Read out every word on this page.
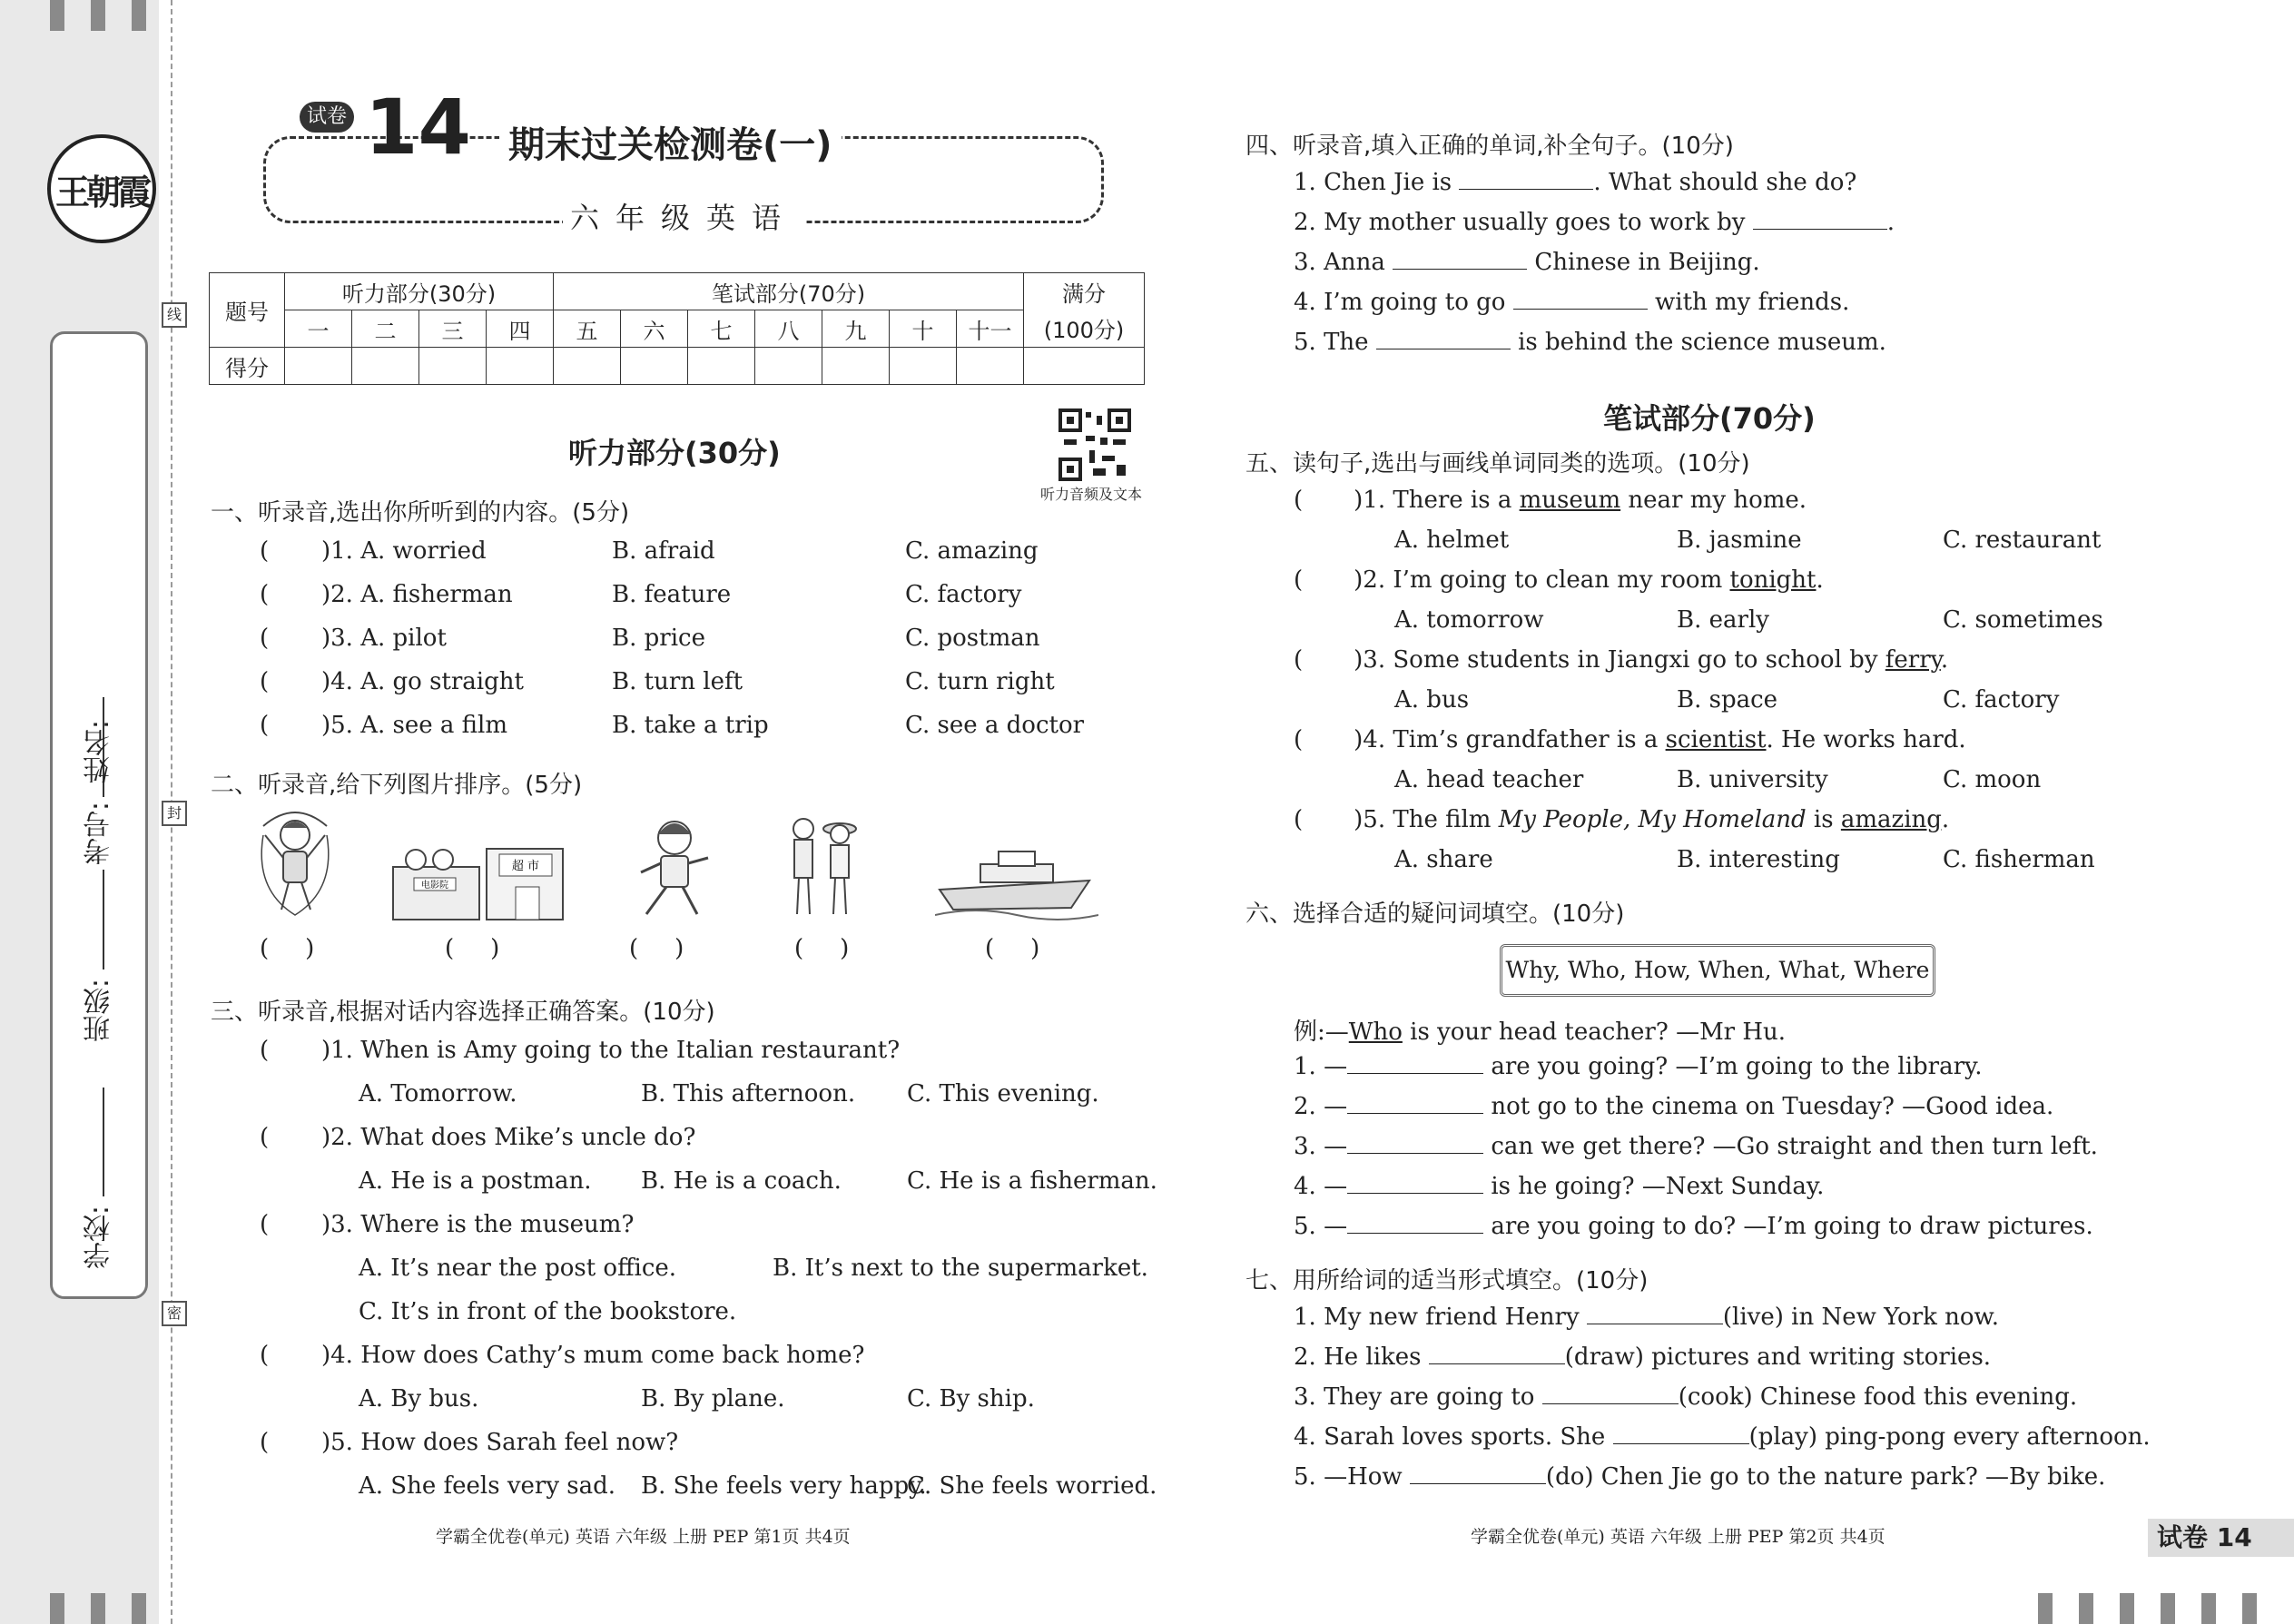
王朝霞
考号:
姓名:
班级:
学校:
线
封
密
试卷 14 期末过关检测卷(一)
六年级英语
题号	听力部分(30分)				笔试部分(70分)							满分
	一	二	三	四	五	六	七	八	九	十	十一	(100分)
得分												
听力部分(30分)
听力音频及文本
一、听录音,选出你所听到的内容。(5分)
( )1. A. worried	B. afraid	C. amazing
( )2. A. fisherman	B. feature	C. factory
( )3. A. pilot	B. price	C. postman
( )4. A. go straight	B. turn left	C. turn right
( )5. A. see a film	B. take a trip	C. see a doctor
二、听录音,给下列图片排序。(5分)
电影院
超 市
( )	( )	( )	( )	( )
三、听录音,根据对话内容选择正确答案。(10分)
( )1. When is Amy going to the Italian restaurant?
A. Tomorrow.	B. This afternoon. C. This evening.
( )2. What does Mike’s uncle do?
A. He is a postman. B. He is a coach.	C. He is a fisherman.
( )3. Where is the museum?
A. It’s near the post office.	B. It’s next to the supermarket.
C. It’s in front of the bookstore.
( )4. How does Cathy’s mum come back home?
A. By bus.	B. By plane.	C. By ship.
( )5. How does Sarah feel now?
A. She feels very sad. B. She feels very happy.
C. She feels worried.
学霸全优卷(单元) 英语 六年级 上册 PEP 第1页 共4页
四、听录音,填入正确的单词,补全句子。(10分)
1. Chen Jie is	. What should she do?
2. My mother usually goes to work by	.
3. Anna	Chinese in Beijing.
4. I’m going to go	with my friends.
5. The	is behind the science museum.
笔试部分(70分)
五、读句子,选出与画线单词同类的选项。(10分)
( )1. There is a museum near my home.
A. helmet	B. jasmine	C. restaurant
( )2. I’m going to clean my room tonight.
A. tomorrow	B. early	C. sometimes
( )3. Some students in Jiangxi go to school by ferry.
A. bus	B. space	C. factory
( )4. Tim’s grandfather is a scientist. He works hard.
A. head teacher	B. university	C. moon
( )5. The film My People, My Homeland is amazing.
A. share	B. interesting	C. fisherman
六、选择合适的疑问词填空。(10分)
Why, Who, How, When, What, Where
例:—Who is your head teacher? —Mr Hu.
1. —	are you going? —I’m going to the library.
2. —	not go to the cinema on Tuesday? —Good idea.
3. —	can we get there? —Go straight and then turn left.
4. —	is he going? —Next Sunday.
5. —	are you going to do? —I’m going to draw pictures.
七、用所给词的适当形式填空。(10分)
1. My new friend Henry	(live) in New York now.
2. He likes	(draw) pictures and writing stories.
3. They are going to	(cook) Chinese food this evening.
4. Sarah loves sports. She	(play) ping-pong every afternoon.
5. —How	(do) Chen Jie go to the nature park? —By bike.
学霸全优卷(单元) 英语 六年级 上册 PEP 第2页 共4页	试卷 14
